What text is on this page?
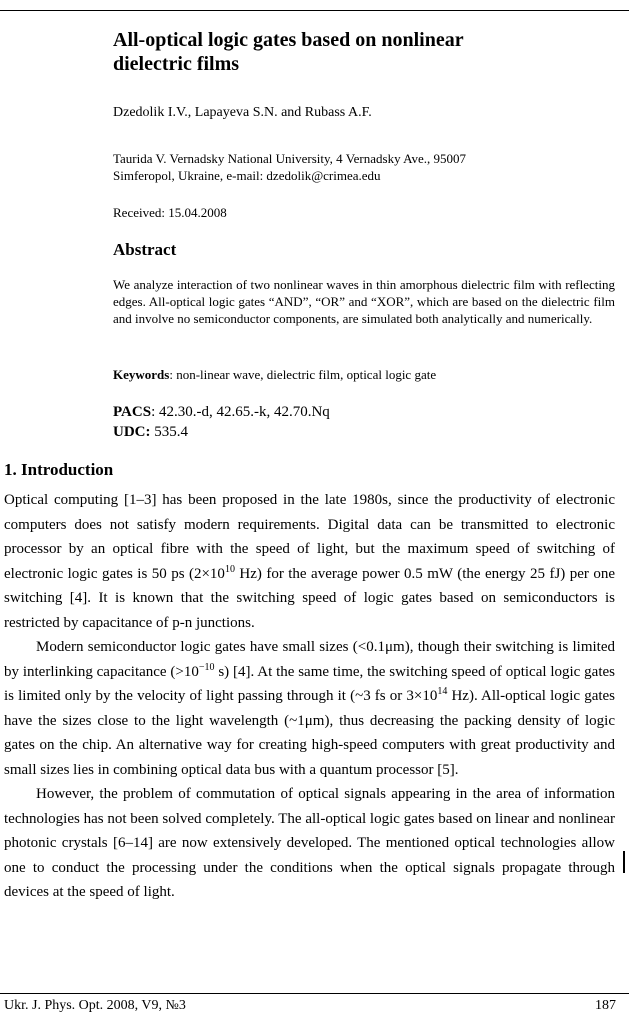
All-optical logic gates based on nonlinear dielectric films

Dzedolik I.V., Lapayeva S.N. and Rubass A.F.

Taurida V. Vernadsky National University, 4 Vernadsky Ave., 95007
Simferopol, Ukraine, e-mail: dzedolik@crimea.edu

Received: 15.04.2008

Abstract

We analyze interaction of two nonlinear waves in thin amorphous dielectric film with reflecting edges. All-optical logic gates “AND”, “OR” and “XOR”, which are based on the dielectric film and involve no semiconductor components, are simulated both analytically and numerically.

Keywords: non-linear wave, dielectric film, optical logic gate

PACS: 42.30.-d, 42.65.-k, 42.70.Nq
UDC: 535.4
1. Introduction

Optical computing [1–3] has been proposed in the late 1980s, since the productivity of electronic computers does not satisfy modern requirements. Digital data can be transmitted to electronic processor by an optical fibre with the speed of light, but the maximum speed of switching of electronic logic gates is 50 ps ($2\times 10^{10}$ Hz) for the average power 0.5 mW (the energy 25 fJ) per one switching [4]. It is known that the switching speed of logic gates based on semiconductors is restricted by capacitance of p-n junctions.

Modern semiconductor logic gates have small sizes (<0.1μm), though their switching is limited by interlinking capacitance ($>10^{-10}$ s) [4]. At the same time, the switching speed of optical logic gates is limited only by the velocity of light passing through it (~3 fs or $3\times 10^{14}$ Hz). All-optical logic gates have the sizes close to the light wavelength (~1μm), thus decreasing the packing density of logic gates on the chip. An alternative way for creating high-speed computers with great productivity and small sizes lies in combining optical data bus with a quantum processor [5].

However, the problem of commutation of optical signals appearing in the area of information technologies has not been solved completely. The all-optical logic gates based on linear and nonlinear photonic crystals [6–14] are now extensively developed. The mentioned optical technologies allow one to conduct the processing under the conditions when the optical signals propagate through devices at the speed of light.

Ukr. J. Phys. Opt. 2008, V9, №3	187
